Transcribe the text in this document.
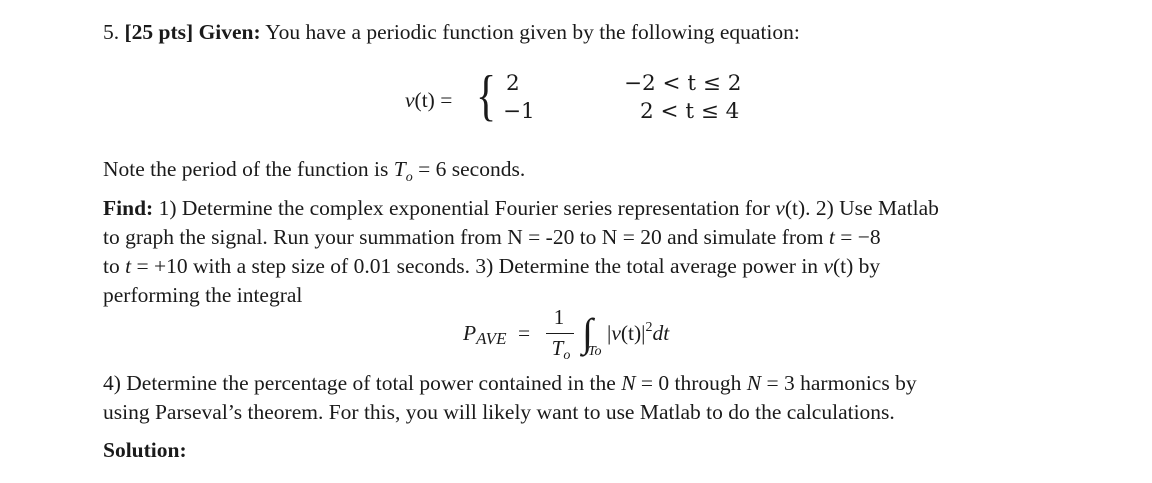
5. [25 pts] Given: You have a periodic function given by the following equation:
v(t) = { 2
−1
−2 < t ≤ 2
2 < t ≤ 4
Note the period of the function is $T_o = 6$ seconds.
Find: 1) Determine the complex exponential Fourier series representation for v(t). 2) Use Matlab
to graph the signal. Run your summation from N = -20 to N = 20 and simulate from t = −8
to t = +10 with a step size of 0.01 seconds. 3) Determine the total average power in v(t) by
performing the integral
PAVE =
1
To
∫
To
$|v(t)|^2dt$
4) Determine the percentage of total power contained in the N = 0 through N = 3 harmonics by
using Parseval’s theorem. For this, you will likely want to use Matlab to do the calculations.
Solution:
